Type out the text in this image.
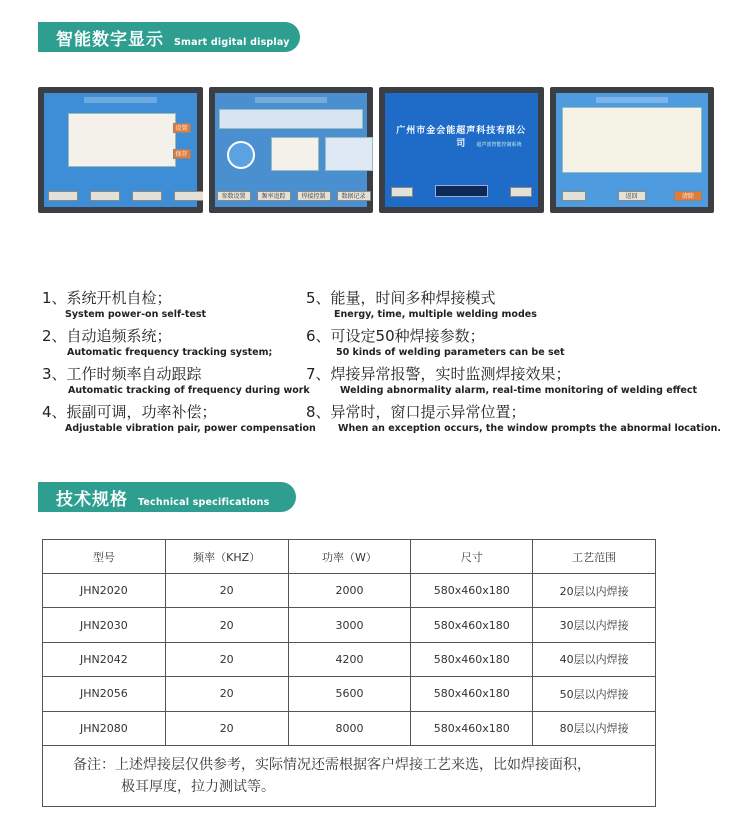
智能数字显示 Smart digital display
设置
保存
参数设置	频率追踪	焊接控制	数据记录
广州市金会能超声科技有限公司	超声波智能控制系统
返回	清除
1、系统开机自检；
System power-on self-test
2、自动追频系统；
Automatic frequency tracking system;
3、工作时频率自动跟踪
Automatic tracking of frequency during work
4、振副可调，功率补偿；
Adjustable vibration pair, power compensation
5、能量，时间多种焊接模式
Energy, time, multiple welding modes
6、可设定50种焊接参数；
50 kinds of welding parameters can be set
7、焊接异常报警，实时监测焊接效果；
Welding abnormality alarm, real-time monitoring of welding effect
8、异常时，窗口提示异常位置；
When an exception occurs, the window prompts the abnormal location.
技术规格 Technical specifications
型号	频率（KHZ）	功率（W）	尺寸	工艺范围
JHN2020	20	2000	580x460x180	20层以内焊接
JHN2030	20	3000	580x460x180	30层以内焊接
JHN2042	20	4200	580x460x180	40层以内焊接
JHN2056	20	5600	580x460x180	50层以内焊接
JHN2080	20	8000	580x460x180	80层以内焊接

备注：上述焊接层仅供参考，实际情况还需根据客户焊接工艺来选，比如焊接面积，
极耳厚度，拉力测试等。				
